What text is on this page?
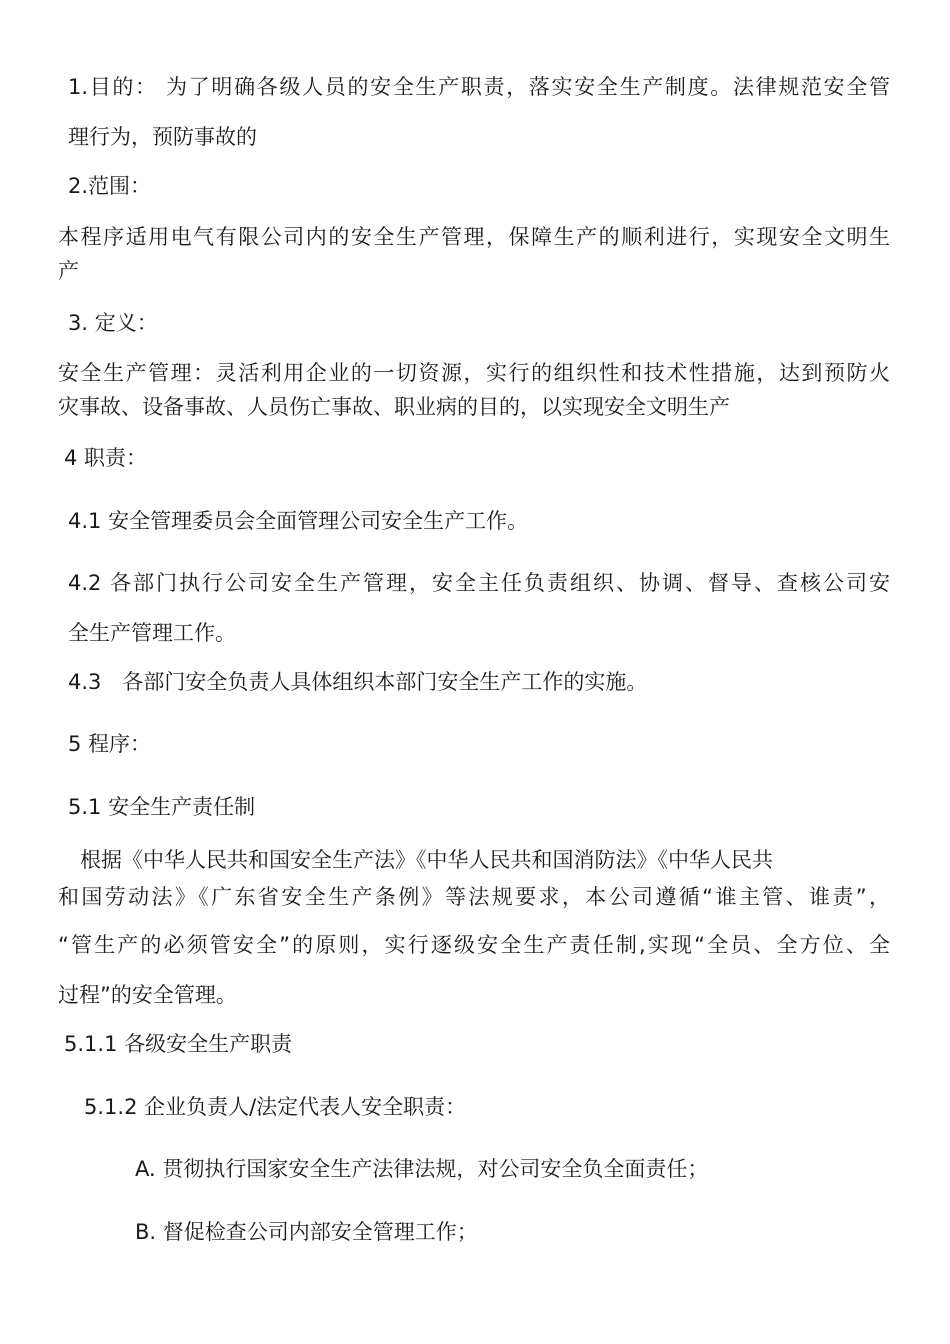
1.目的： 为了明确各级人员的安全生产职责，落实安全生产制度。法律规范安全管
理行为，预防事故的
2.范围：
本程序适用电气有限公司内的安全生产管理，保障生产的顺利进行，实现安全文明生
产
3. 定义：
安全生产管理：灵活利用企业的一切资源，实行的组织性和技术性措施，达到预防火
灾事故、设备事故、人员伤亡事故、职业病的目的，以实现安全文明生产
4 职责：
4.1 安全管理委员会全面管理公司安全生产工作。
4.2 各部门执行公司安全生产管理，安全主任负责组织、协调、督导、查核公司安
全生产管理工作。
4.3　各部门安全负责人具体组织本部门安全生产工作的实施。
5 程序：
5.1 安全生产责任制
根据《中华人民共和国安全生产法》《中华人民共和国消防法》《中华人民共
和国劳动法》《广东省安全生产条例》等法规要求，本公司遵循“谁主管、谁责”，
“管生产的必须管安全”的原则，实行逐级安全生产责任制,实现“全员、全方位、全
过程”的安全管理。
5.1.1 各级安全生产职责
5.1.2 企业负责人/法定代表人安全职责：
A. 贯彻执行国家安全生产法律法规，对公司安全负全面责任；
B. 督促检查公司内部安全管理工作；
